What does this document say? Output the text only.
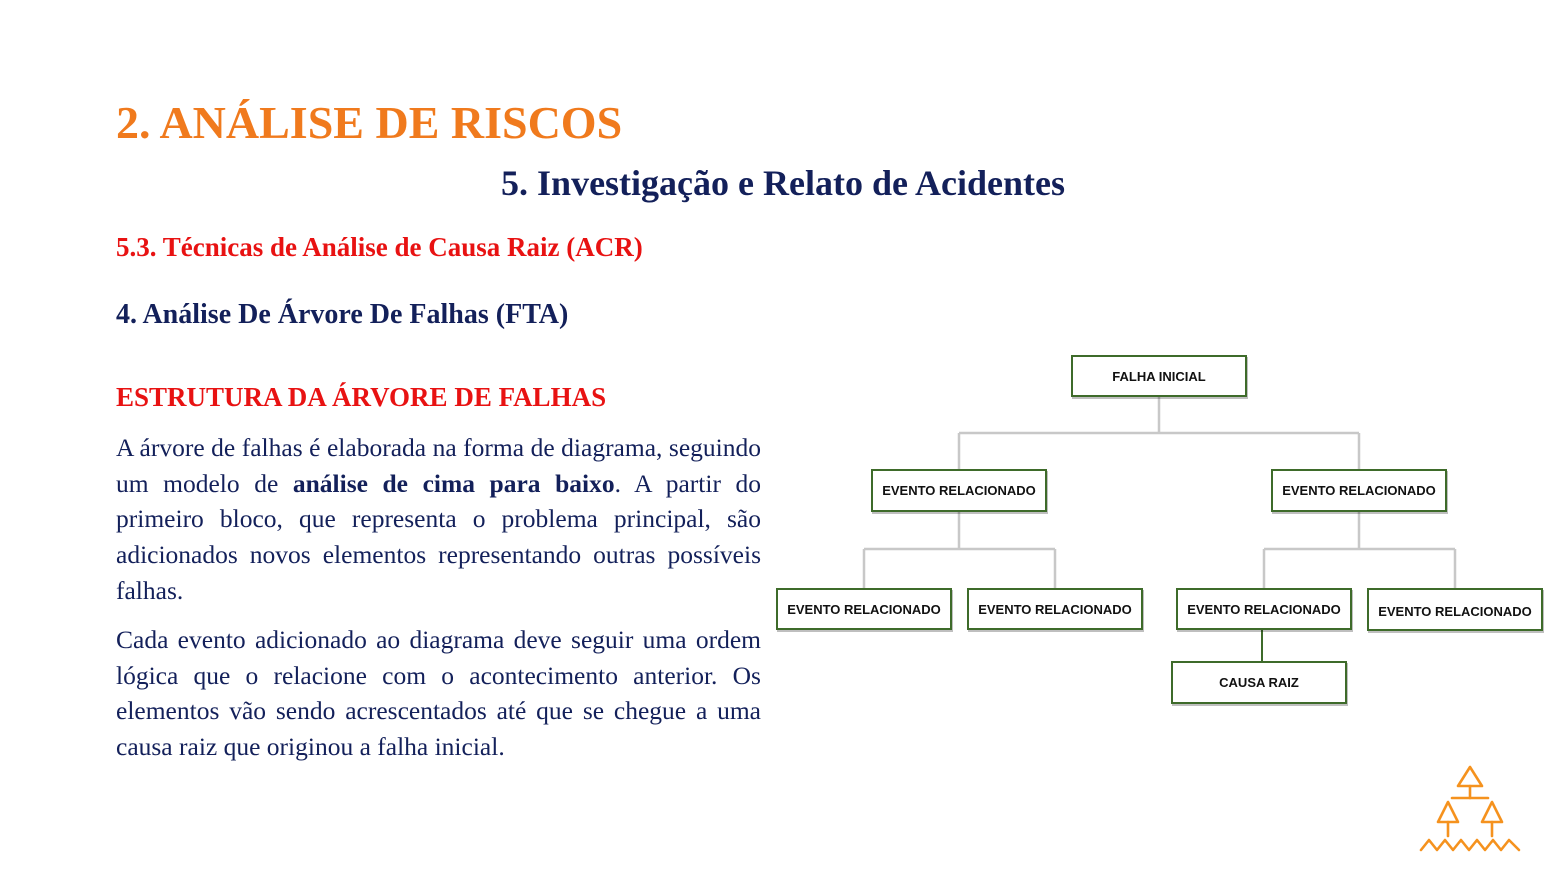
2. ANÁLISE DE RISCOS
5. Investigação e Relato de Acidentes
5.3. Técnicas de Análise de Causa Raiz (ACR)
4. Análise De Árvore De Falhas (FTA)
ESTRUTURA DA ÁRVORE DE FALHAS

A árvore de falhas é elaborada na forma de diagrama, seguindo um modelo de análise de cima para baixo. A partir do primeiro bloco, que representa o problema principal, são adicionados novos elementos representando outras possíveis falhas.

Cada evento adicionado ao diagrama deve seguir uma ordem lógica que o relacione com o acontecimento anterior. Os elementos vão sendo acrescentados até que se chegue a uma causa raiz que originou a falha inicial.

FALHA INICIAL
EVENTO RELACIONADO	EVENTO RELACIONADO
EVENTO RELACIONADO	EVENTO RELACIONADO	EVENTO RELACIONADO	EVENTO RELACIONADO
CAUSA RAIZ
